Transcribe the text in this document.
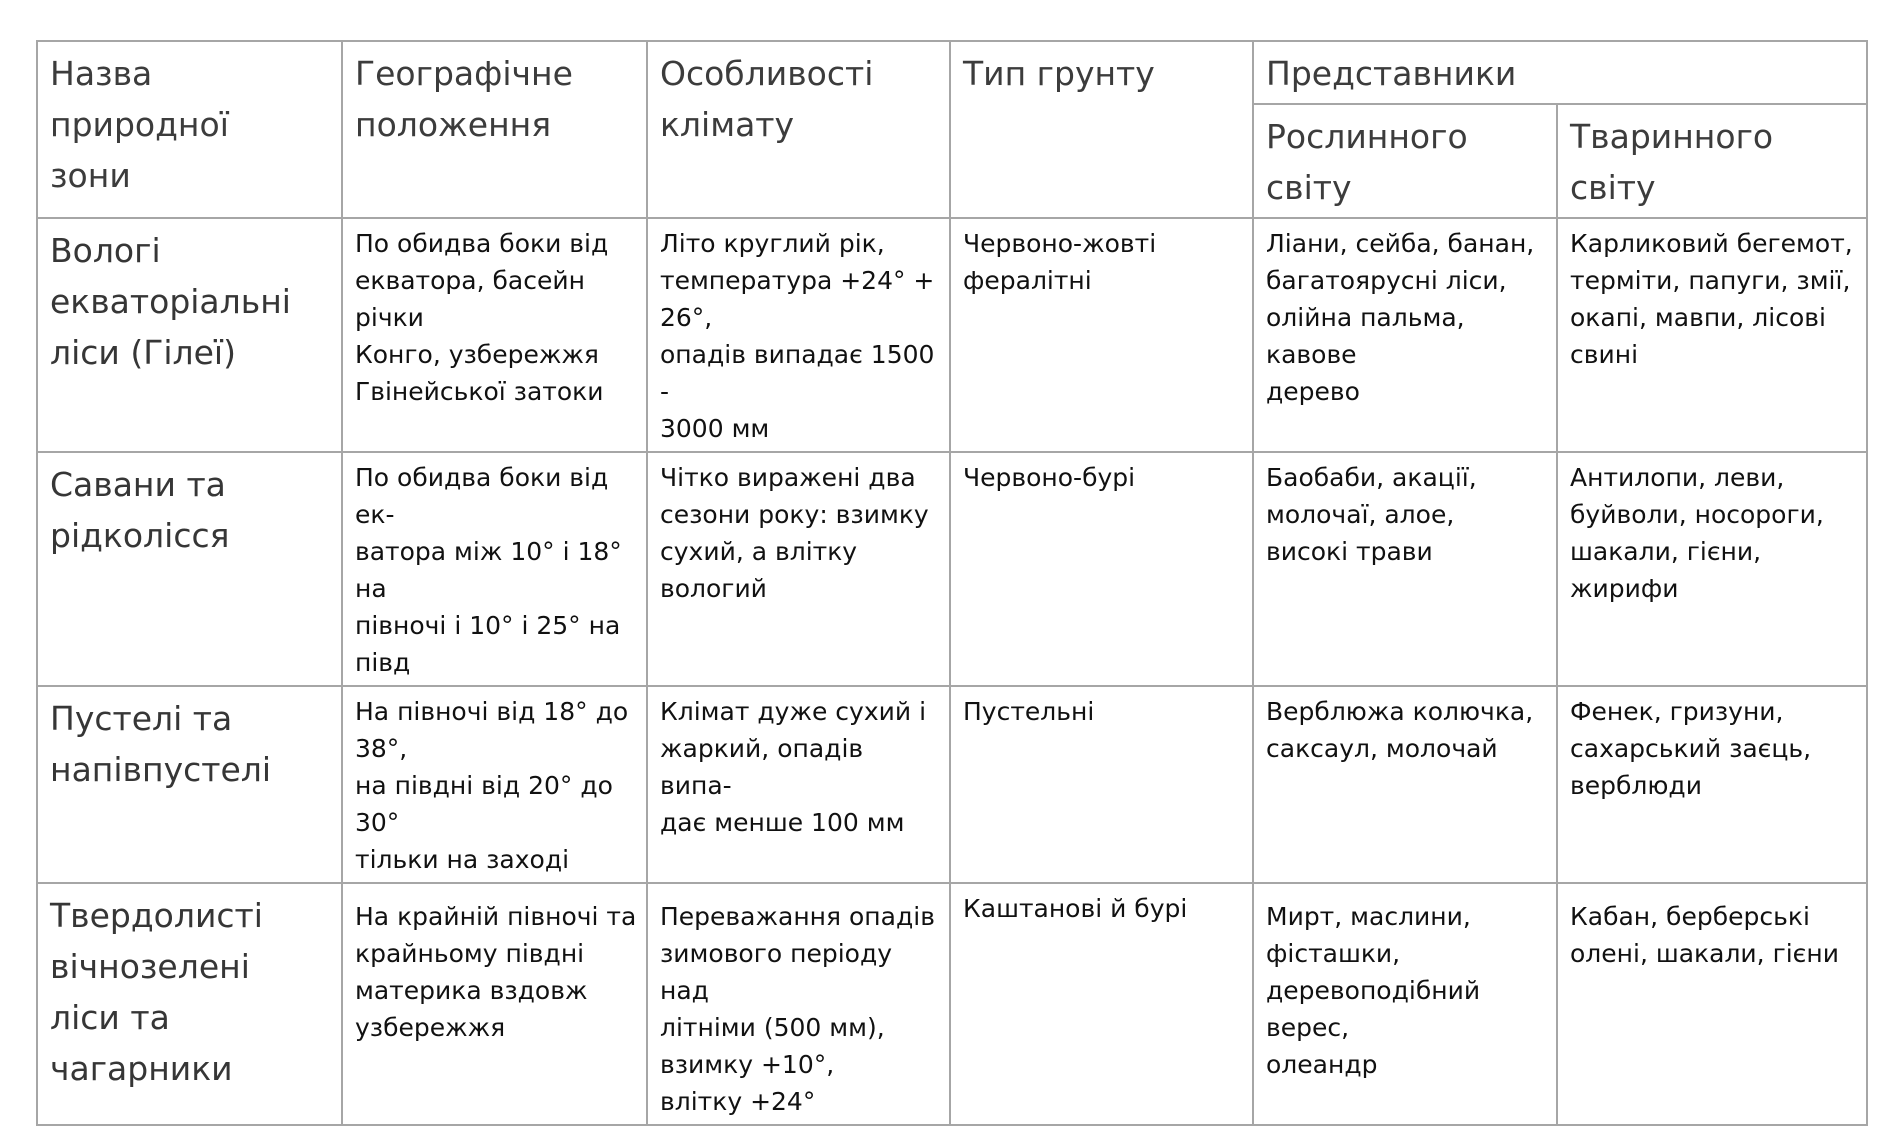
Назва
природної
зони	Географічне
положення	Особливості
клімату	Тип грунту	Представники	

				Рослинного
світу	Тваринного
світу

Вологі
екваторіальні
ліси (Гілеї)	По обидва боки від
екватора, басейн річки
Конго, узбережжя
Гвінейської затоки	Літо круглий рік,
температура +24° + 26°,
опадів випадає 1500 -
3000 мм	Червоно-жовті
фералітні	Ліани, сейба, банан,
багатоярусні ліси,
олійна пальма, кавове
дерево	Карликовий бегемот,
терміти, папуги, змії,
окапі, мавпи, лісові
свині

Савани та
рідколісся	По обидва боки від ек-
ватора між 10° і 18° на
півночі і 10° і 25° на півд	Чітко виражені два
сезони року: взимку
сухий, а влітку вологий	Червоно-бурі	Баобаби, акації,
молочаї, алое,
високі трави	Антилопи, леви,
буйволи, носороги,
шакали, гієни, жирифи

Пустелі та
напівпустелі	На півночі від 18° до 38°,
на півдні від 20° до 30°
тільки на заході	Клімат дуже сухий і
жаркий, опадів випа-
дає менше 100 мм	Пустельні	Верблюжа колючка,
саксаул, молочай	Фенек, гризуни,
сахарський заєць,
верблюди

Твердолисті
вічнозелені
ліси та
чагарники	На крайній півночі та
крайньому півдні
материка вздовж
узбережжя	Переважання опадів
зимового періоду над
літніми (500 мм),
взимку +10°,
влітку +24°	Каштанові й бурі	Мирт, маслини,
фісташки,
деревоподібний верес,
олеандр	Кабан, берберські
олені, шакали, гієни
